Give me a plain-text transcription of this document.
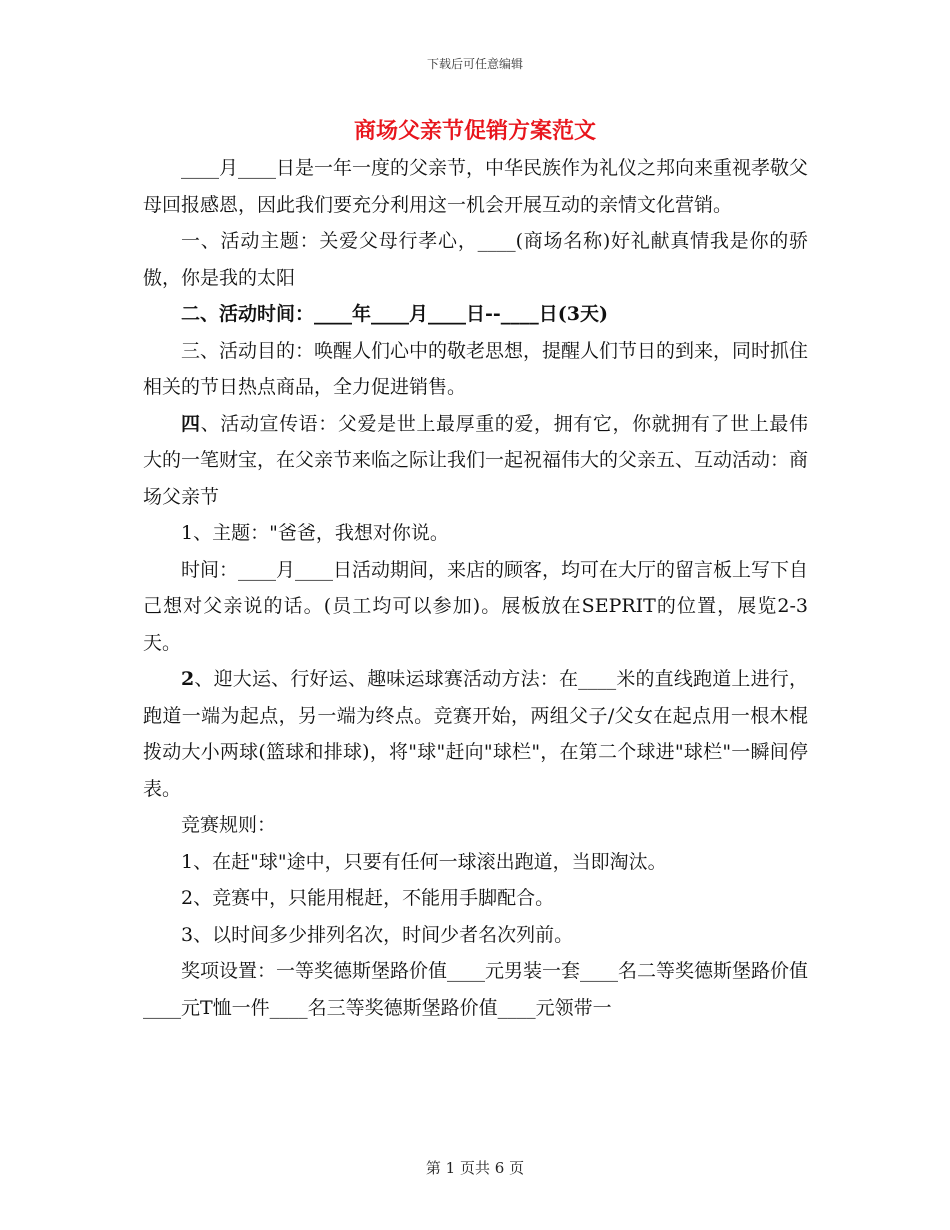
下载后可任意编辑
商场父亲节促销方案范文

____月____日是一年一度的父亲节，中华民族作为礼仪之邦向来重视孝敬父母回报感恩，因此我们要充分利用这一机会开展互动的亲情文化营销。

一、活动主题：关爱父母行孝心，____(商场名称)好礼献真情我是你的骄傲，你是我的太阳

二、活动时间：____年____月____日--____日(3天)

三、活动目的：唤醒人们心中的敬老思想，提醒人们节日的到来，同时抓住相关的节日热点商品，全力促进销售。

四、活动宣传语：父爱是世上最厚重的爱，拥有它，你就拥有了世上最伟大的一笔财宝，在父亲节来临之际让我们一起祝福伟大的父亲五、互动活动：商场父亲节

1、主题："爸爸，我想对你说。

时间：____月____日活动期间，来店的顾客，均可在大厅的留言板上写下自己想对父亲说的话。(员工均可以参加)。展板放在SEPRIT的位置，展览2-3天。

2、迎大运、行好运、趣味运球赛活动方法：在____米的直线跑道上进行，跑道一端为起点，另一端为终点。竞赛开始，两组父子/父女在起点用一根木棍拨动大小两球(篮球和排球)，将"球"赶向"球栏"，在第二个球进"球栏"一瞬间停表。

竞赛规则：

1、在赶"球"途中，只要有任何一球滚出跑道，当即淘汰。

2、竞赛中，只能用棍赶，不能用手脚配合。

3、以时间多少排列名次，时间少者名次列前。

奖项设置：一等奖德斯堡路价值____元男装一套____名二等奖德斯堡路价值____元T恤一件____名三等奖德斯堡路价值____元领带一

第 1 页共 6 页
